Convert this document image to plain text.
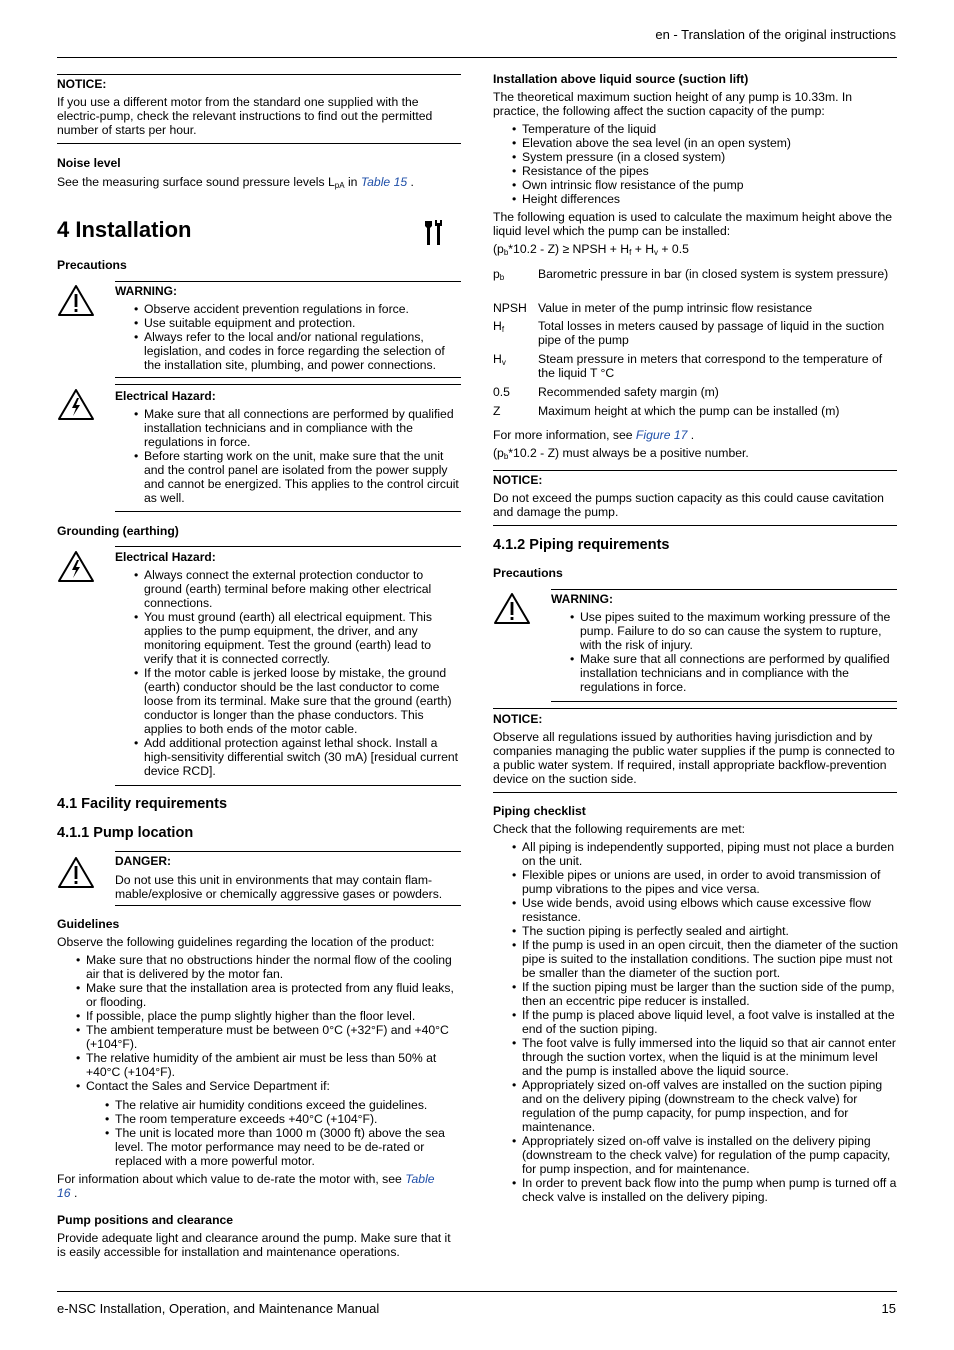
en - Translation of the original instructions
NOTICE:

If you use a different motor from the standard one supplied with the electric-pump, check the relevant instructions to find out the permitted number of starts per hour.

Noise level

See the measuring surface sound pressure levels $L_{pA}$ in Table 15 .

4 Installation
Precautions
WARNING:
• Observe accident prevention regulations in force.
• Use suitable equipment and protection.
• Always refer to the local and/or national regulations, legislation, and codes in force regarding the selection of the installation site, plumbing, and power connections.
Electrical Hazard:
• Make sure that all connections are performed by qualified installation technicians and in compliance with the regulations in force.
• Before starting work on the unit, make sure that the unit and the control panel are isolated from the power supply and cannot be energized. This applies to the control circuit as well.
Grounding (earthing)
Electrical Hazard:
• Always connect the external protection conductor to ground (earth) terminal before making other electrical connections.
• You must ground (earth) all electrical equipment. This applies to the pump equipment, the driver, and any monitoring equipment. Test the ground (earth) lead to verify that it is connected correctly.
• If the motor cable is jerked loose by mistake, the ground (earth) conductor should be the last conductor to come loose from its terminal. Make sure that the ground (earth) conductor is longer than the phase conductors. This applies to both ends of the motor cable.
• Add additional protection against lethal shock. Install a high-sensitivity differential switch (30 mA) [residual current device RCD].
4.1 Facility requirements
4.1.1 Pump location
DANGER:

Do not use this unit in environments that may contain flammable/explosive or chemically aggressive gases or powders.

Guidelines

Observe the following guidelines regarding the location of the product:

• Make sure that no obstructions hinder the normal flow of the cooling air that is delivered by the motor fan.
• Make sure that the installation area is protected from any fluid leaks, or flooding.
• If possible, place the pump slightly higher than the floor level.
• The ambient temperature must be between 0°C (+32°F) and +40°C (+104°F).
• The relative humidity of the ambient air must be less than 50% at +40°C (+104°F).
• Contact the Sales and Service Department if:
• The relative air humidity conditions exceed the guidelines.
• The room temperature exceeds +40°C (+104°F).
• The unit is located more than 1000 m (3000 ft) above the sea level. The motor performance may need to be de-rated or replaced with a more powerful motor.

For information about which value to de-rate the motor with, see Table
16 .

Pump positions and clearance

Provide adequate light and clearance around the pump. Make sure that it is easily accessible for installation and maintenance operations.

Installation above liquid source (suction lift)

The theoretical maximum suction height of any pump is 10.33m. In practice, the following affect the suction capacity of the pump:

• Temperature of the liquid
• Elevation above the sea level (in an open system)
• System pressure (in a closed system)
• Resistance of the pipes
• Own intrinsic flow resistance of the pump
• Height differences

The following equation is used to calculate the maximum height above the liquid level which the pump can be installed:

$(p_b*10.2 - Z)$ ≥ NPSH + $H_f + H_v + 0.5$

$p_b$	Barometric pressure in bar (in closed system is system pressure)
NPSH Value in meter of the pump intrinsic flow resistance
$H_f$	Total losses in meters caused by passage of liquid in the suction pipe of the pump
$H_v$	Steam pressure in meters that correspond to the temperature of the liquid T °C
0.5 Recommended safety margin (m)
Z	Maximum height at which the pump can be installed (m)

For more information, see Figure 17 .

$(p_b*10.2 - Z)$ must always be a positive number.

NOTICE:

Do not exceed the pumps suction capacity as this could cause cavitation and damage the pump.

4.1.2 Piping requirements
Precautions
WARNING:
• Use pipes suited to the maximum working pressure of the pump. Failure to do so can cause the system to rupture, with the risk of injury.
• Make sure that all connections are performed by qualified installation technicians and in compliance with the regulations in force.
NOTICE:

Observe all regulations issued by authorities having jurisdiction and by companies managing the public water supplies if the pump is connected to a public water system. If required, install appropriate backflow-prevention device on the suction side.

Piping checklist

Check that the following requirements are met:

• All piping is independently supported, piping must not place a burden on the unit.
• Flexible pipes or unions are used, in order to avoid transmission of pump vibrations to the pipes and vice versa.
• Use wide bends, avoid using elbows which cause excessive flow resistance.
• The suction piping is perfectly sealed and airtight.
• If the pump is used in an open circuit, then the diameter of the suction pipe is suited to the installation conditions. The suction pipe must not be smaller than the diameter of the suction port.
• If the suction piping must be larger than the suction side of the pump, then an eccentric pipe reducer is installed.
• If the pump is placed above liquid level, a foot valve is installed at the end of the suction piping.
• The foot valve is fully immersed into the liquid so that air cannot enter through the suction vortex, when the liquid is at the minimum level and the pump is installed above the liquid source.
• Appropriately sized on-off valves are installed on the suction piping and on the delivery piping (downstream to the check valve) for regulation of the pump capacity, for pump inspection, and for maintenance.
• Appropriately sized on-off valve is installed on the delivery piping (downstream to the check valve) for regulation of the pump capacity, for pump inspection, and for maintenance.
• In order to prevent back flow into the pump when pump is turned off a check valve is installed on the delivery piping.
e-NSC Installation, Operation, and Maintenance Manual	15
